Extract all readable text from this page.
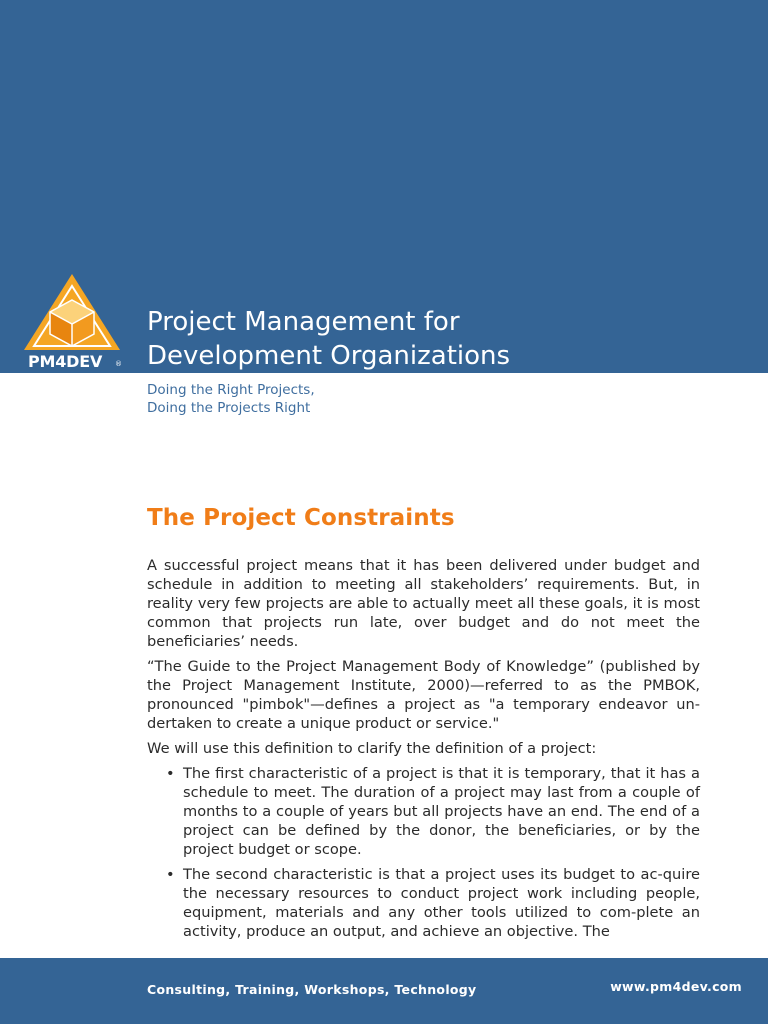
PM4DEV	®
Project Management for
Development Organizations
Doing the Right Projects,
Doing the Projects Right
The Project Constraints

A successful project means that it has been delivered under budget and schedule in addition to meeting all stakeholders’ requirements. But, in reality very few projects are able to actually meet all these goals, it is most common that projects run late, over budget and do not meet the beneficiaries’ needs.

“The Guide to the Project Management Body of Knowledge” (published by the Project Management Institute, 2000)—referred to as the PMBOK, pronounced "pimbok"—defines a project as "a temporary endeavor un-dertaken to create a unique product or service."

We will use this definition to clarify the definition of a project:

• The first characteristic of a project is that it is temporary, that it has a schedule to meet. The duration of a project may last from a couple of months to a couple of years but all projects have an end. The end of a project can be defined by the donor, the beneficiaries, or by the project budget or scope.
• The second characteristic is that a project uses its budget to ac-quire the necessary resources to conduct project work including people, equipment, materials and any other tools utilized to com-plete an activity, produce an output, and achieve an objective. The
Consulting, Training, Workshops, Technology	www.pm4dev.com
